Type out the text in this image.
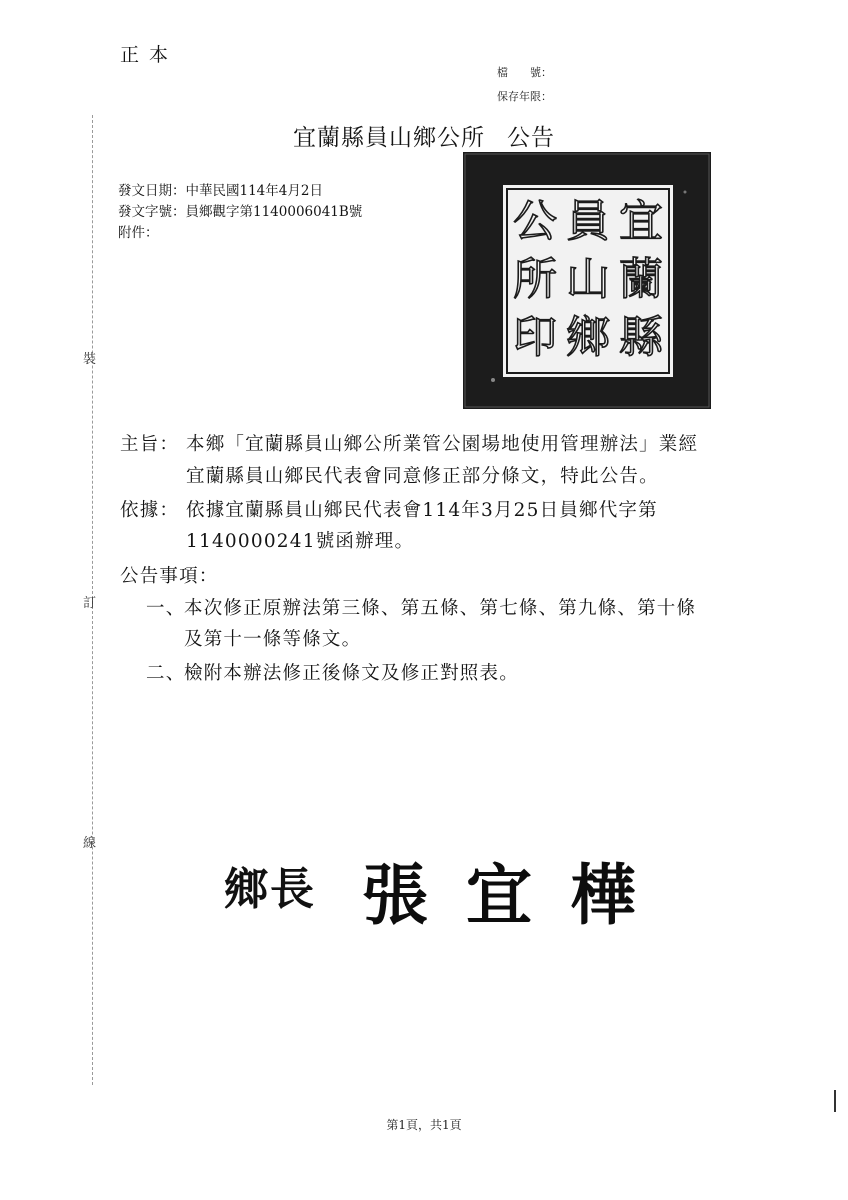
裝
訂
線
正本
檔　　號：
保存年限：
宜蘭縣員山鄉公所 公告
發文日期：中華民國114年4月2日
發文字號：員鄉觀字第1140006041B號
附件：	宜
蘭
縣
員
山
鄉
公
所
印
主旨： 本鄉「宜蘭縣員山鄉公所業管公園場地使用管理辦法」業經
宜蘭縣員山鄉民代表會同意修正部分條文，特此公告。
依據： 依據宜蘭縣員山鄉民代表會114年3月25日員鄉代字第
1140000241號函辦理。
公告事項：
一、
本次修正原辦法第三條、第五條、第七條、第九條、第十條
及第十一條等條文。
二、
檢附本辦法修正後條文及修正對照表。
鄉長 張宜樺
第1頁，共1頁
